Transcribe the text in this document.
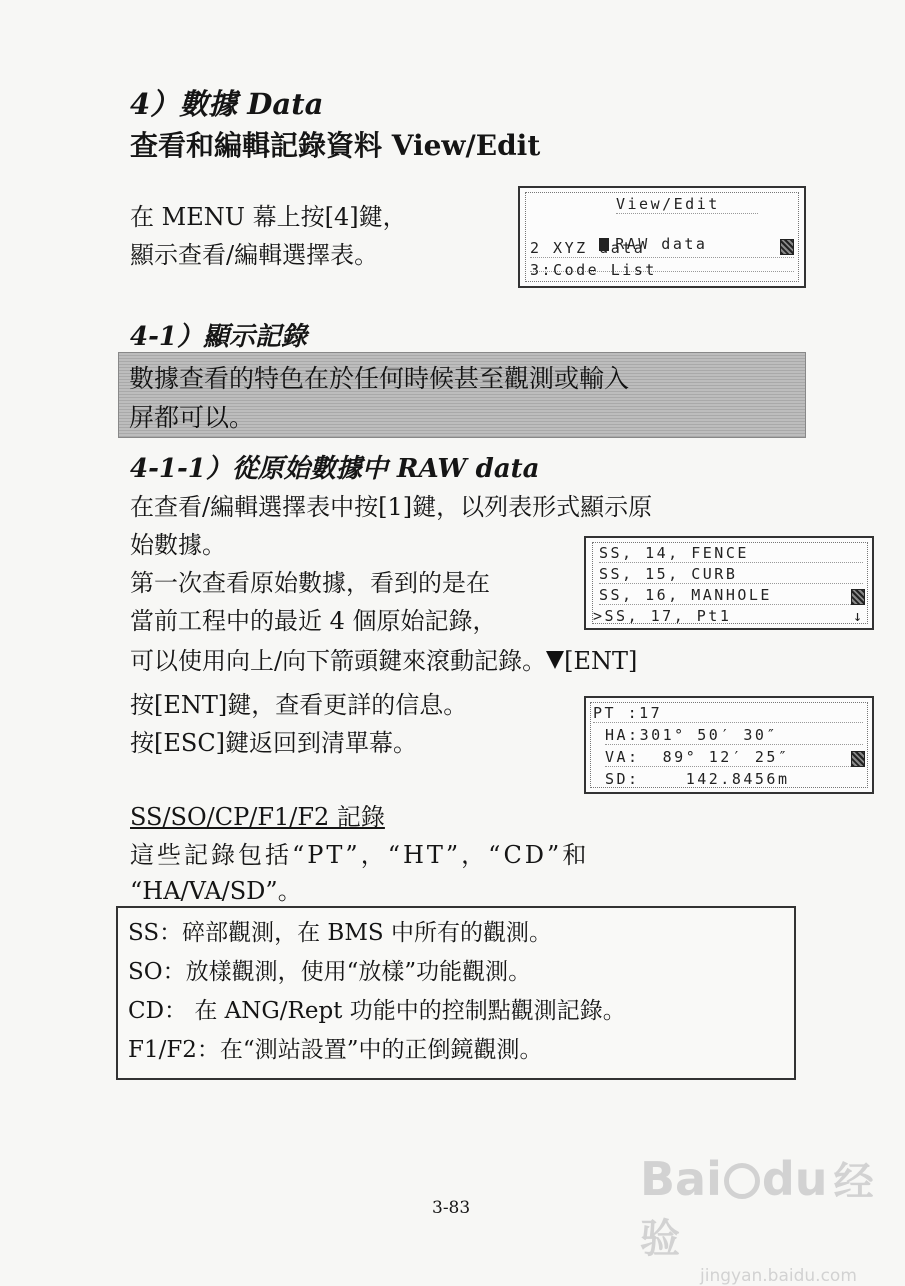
4）數據 Data
查看和編輯記錄資料 View/Edit
在 MENU 幕上按[4]鍵，
顯示查看/編輯選擇表。
View/Edit

RAW data

2 XYZ data
3:Code List
4-1）顯示記錄
數據查看的特色在於任何時候甚至觀測或輸入
屏都可以。
4-1-1）從原始數據中 RAW data
在查看/編輯選擇表中按[1]鍵，以列表形式顯示原
始數據。
第一次查看原始數據，看到的是在
當前工程中的最近 4 個原始記錄，
可以使用向上/向下箭頭鍵來滾動記錄。 [ENT]
SS, 14, FENCE
SS, 15, CURB
SS, 16, MANHOLE
>SS, 17, Pt1	↓
按[ENT]鍵，查看更詳的信息。
按[ESC]鍵返回到清單幕。
PT :17
HA:301° 50′ 30″
VA:  89° 12′ 25″
SD:    142.8456m
SS/SO/CP/F1/F2 記錄
這些記錄包括“PT”，“HT”，“CD”和
“HA/VA/SD”。
SS：碎部觀測，在 BMS 中所有的觀測。
SO：放樣觀測，使用“放樣”功能觀測。
CD： 在 ANG/Rept 功能中的控制點觀測記錄。
F1/F2：在“測站設置”中的正倒鏡觀測。
3-83
Bai du 经验
jingyan.baidu.com
